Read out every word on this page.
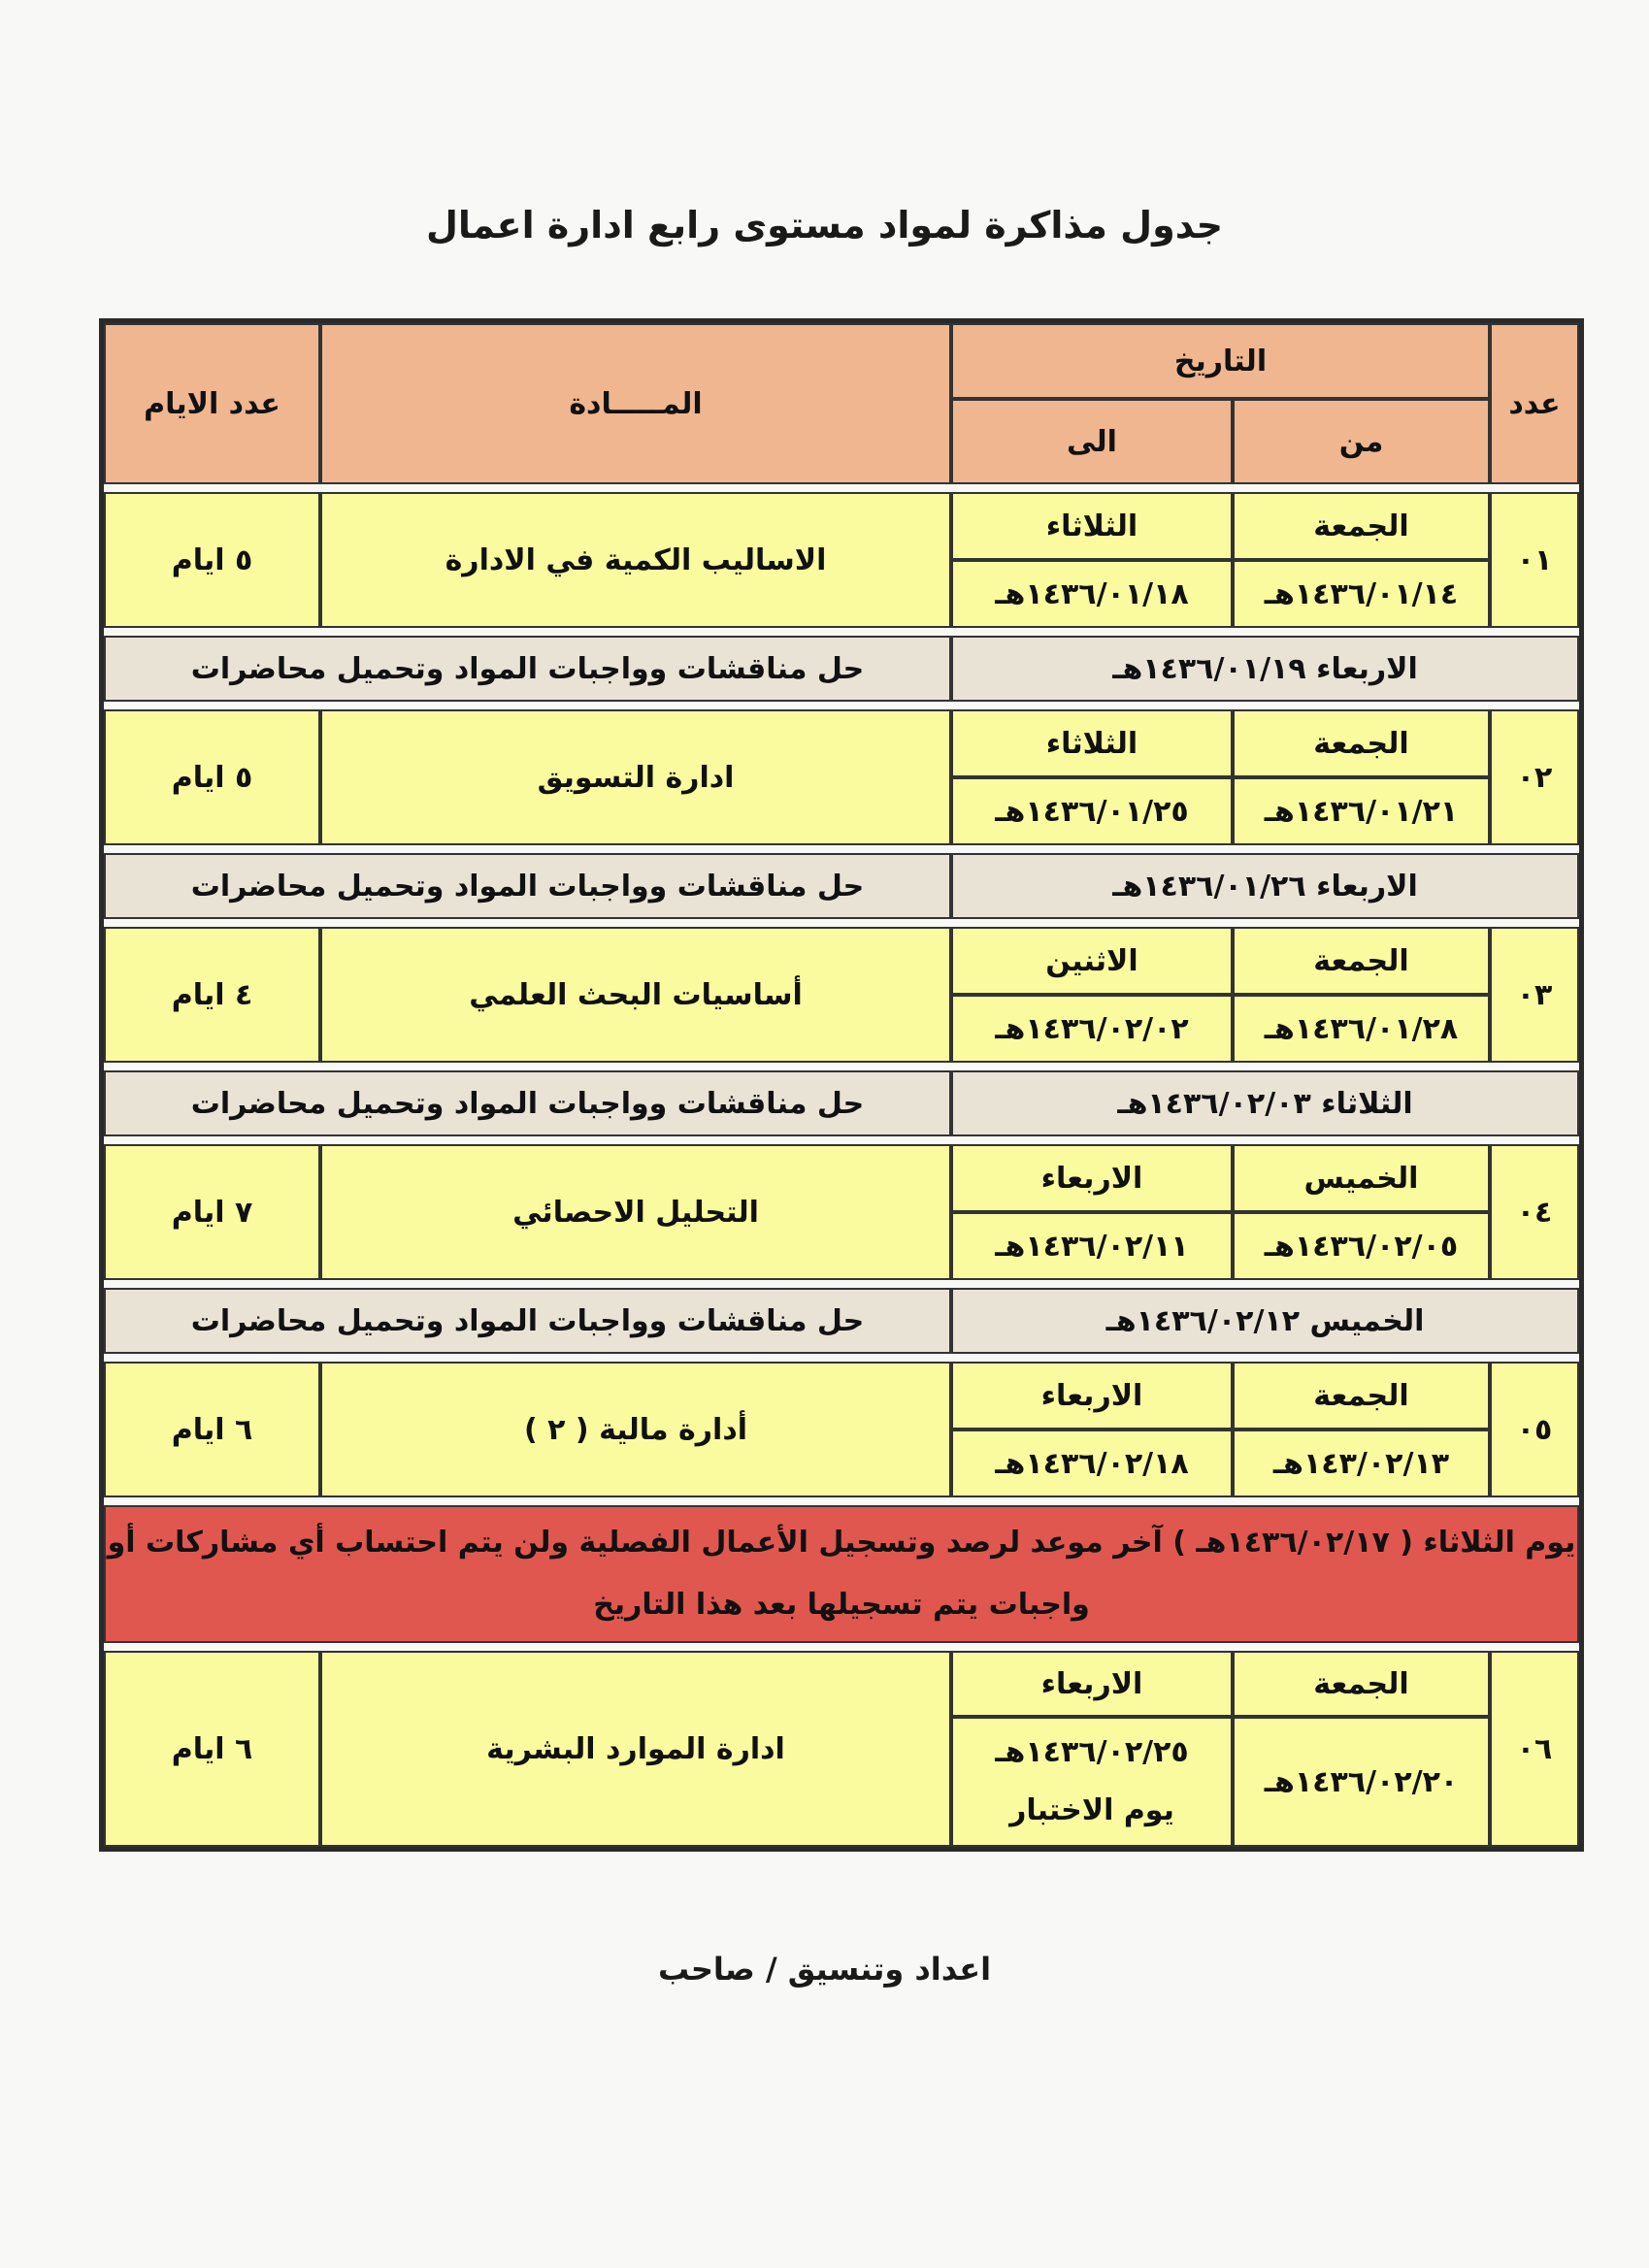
جدول مذاكرة لمواد مستوى رابع ادارة اعمال
عدد	التاريخ		المـــــادة	عدد الايام
	من	الى		

٠١	الجمعة	الثلاثاء	الاساليب الكمية في الادارة	٥ ايام
	١٤٣٦/٠١/١٤هـ	١٤٣٦/٠١/١٨هـ		

الاربعاء ١٤٣٦/٠١/١٩هـ			حل مناقشات وواجبات المواد وتحميل محاضرات	

٠٢	الجمعة	الثلاثاء	ادارة التسويق	٥ ايام
	١٤٣٦/٠١/٢١هـ	١٤٣٦/٠١/٢٥هـ		

الاربعاء ١٤٣٦/٠١/٢٦هـ			حل مناقشات وواجبات المواد وتحميل محاضرات	

٠٣	الجمعة	الاثنين	أساسيات البحث العلمي	٤ ايام
	١٤٣٦/٠١/٢٨هـ	١٤٣٦/٠٢/٠٢هـ		

الثلاثاء ١٤٣٦/٠٢/٠٣هـ			حل مناقشات وواجبات المواد وتحميل محاضرات	

٠٤	الخميس	الاربعاء	التحليل الاحصائي	٧ ايام
	١٤٣٦/٠٢/٠٥هـ	١٤٣٦/٠٢/١١هـ		

الخميس ١٤٣٦/٠٢/١٢هـ			حل مناقشات وواجبات المواد وتحميل محاضرات	

٠٥	الجمعة	الاربعاء	أدارة مالية ( ٢ )	٦ ايام
	١٤٣/٠٢/١٣هـ	١٤٣٦/٠٢/١٨هـ		

يوم الثلاثاء ( ١٤٣٦/٠٢/١٧هـ ) آخر موعد لرصد وتسجيل الأعمال الفصلية ولن يتم احتساب أي مشاركات أو واجبات يتم تسجيلها بعد هذا التاريخ				

٠٦	الجمعة	الاربعاء	ادارة الموارد البشرية	٦ ايام
	١٤٣٦/٠٢/٢٠هـ	١٤٣٦/٠٢/٢٥هـ
يوم الاختبار		
اعداد وتنسيق / صاحب
